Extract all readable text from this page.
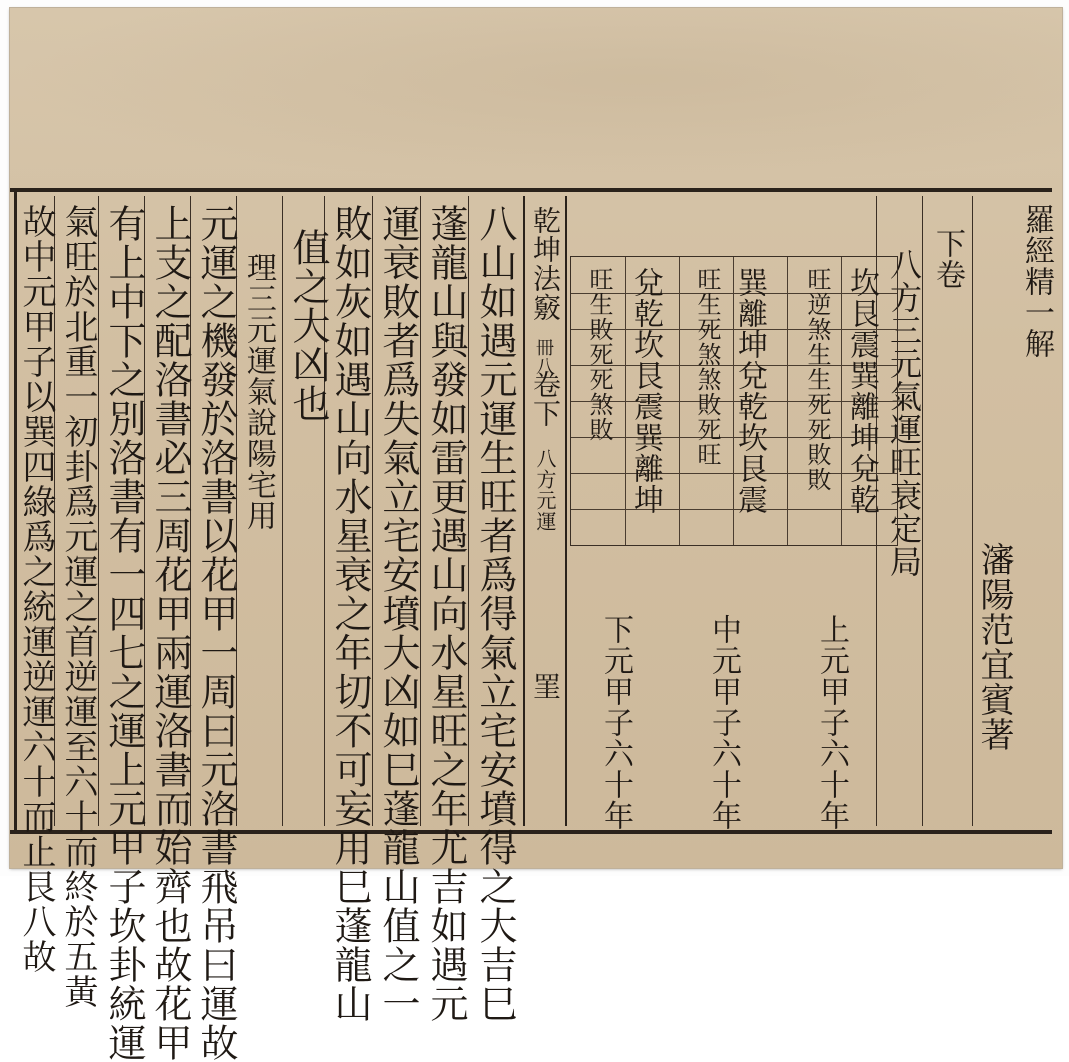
羅經精一解
下卷
瀋陽范宜賓著
八方三元氣運旺衰定局
坎艮震巽離坤兌乾
旺逆煞生生死死敗敗
巽離坤兌乾坎艮震
旺生死煞煞敗死旺
兌乾坎艮震巽離坤
旺生敗死死煞敗
上元甲子六十年
中元甲子六十年
下元甲子六十年
乾坤法竅
冊八
卷下
八方元運
罣
八山如遇元運生旺者爲得氣立宅安墳得之大吉巳
蓬龍山與發如雷更遇山向水星旺之年尤吉如遇元
運衰敗者爲失氣立宅安墳大凶如巳蓬龍山值之一
敗如灰如遇山向水星衰之年切不可妄用巳蓬龍山
值之大凶也
理三元運氣說陽宅用
元運之機發於洛書以花甲一周曰元洛書飛吊曰運故
上支之配洛書必三周花甲兩運洛書而始齊也故花甲
有上中下之別洛書有一四七之運上元甲子坎卦統運
氣旺於北重一初卦爲元運之首逆運至六十而終於五黃
故中元甲子以巽四綠爲之統運逆運六十而止艮八故
